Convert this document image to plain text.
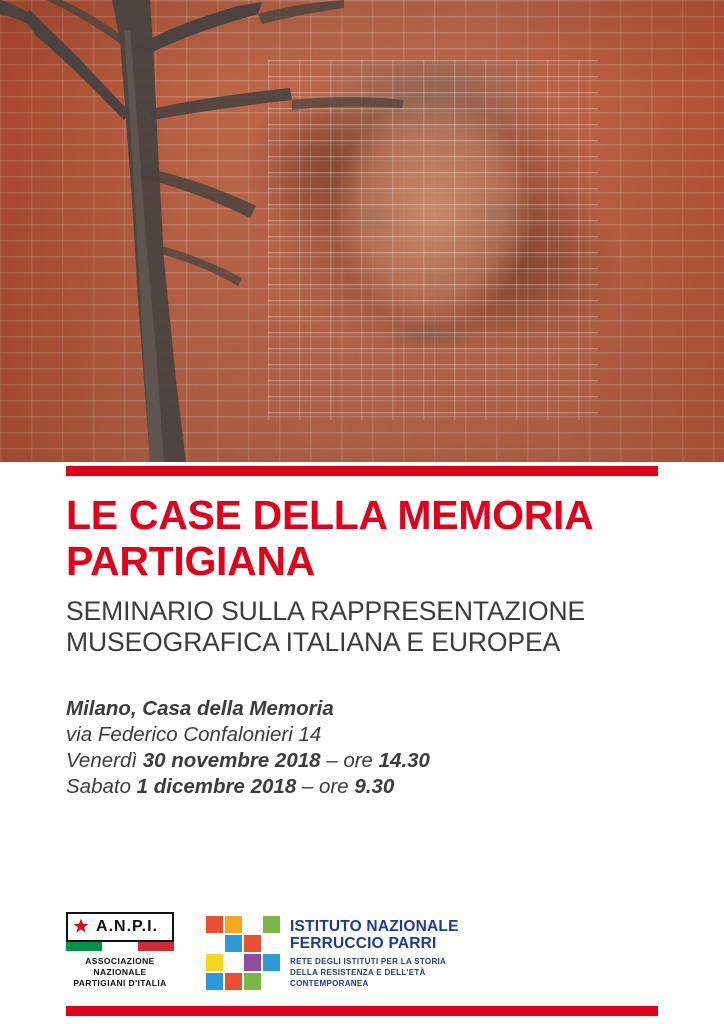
LE CASE DELLA MEMORIA PARTIGIANA
SEMINARIO SULLA RAPPRESENTAZIONE
MUSEOGRAFICA ITALIANA E EUROPEA
Milano, Casa della Memoria
via Federico Confalonieri 14
Venerdì 30 novembre 2018 – ore 14.30
Sabato 1 dicembre 2018 – ore 9.30
A.N.P.I.
ASSOCIAZIONE NAZIONALE
PARTIGIANI D'ITALIA
ISTITUTO NAZIONALE
FERRUCCIO PARRI
RETE DEGLI ISTITUTI PER LA STORIA
DELLA RESISTENZA E DELL'ETÀ
CONTEMPORANEA
